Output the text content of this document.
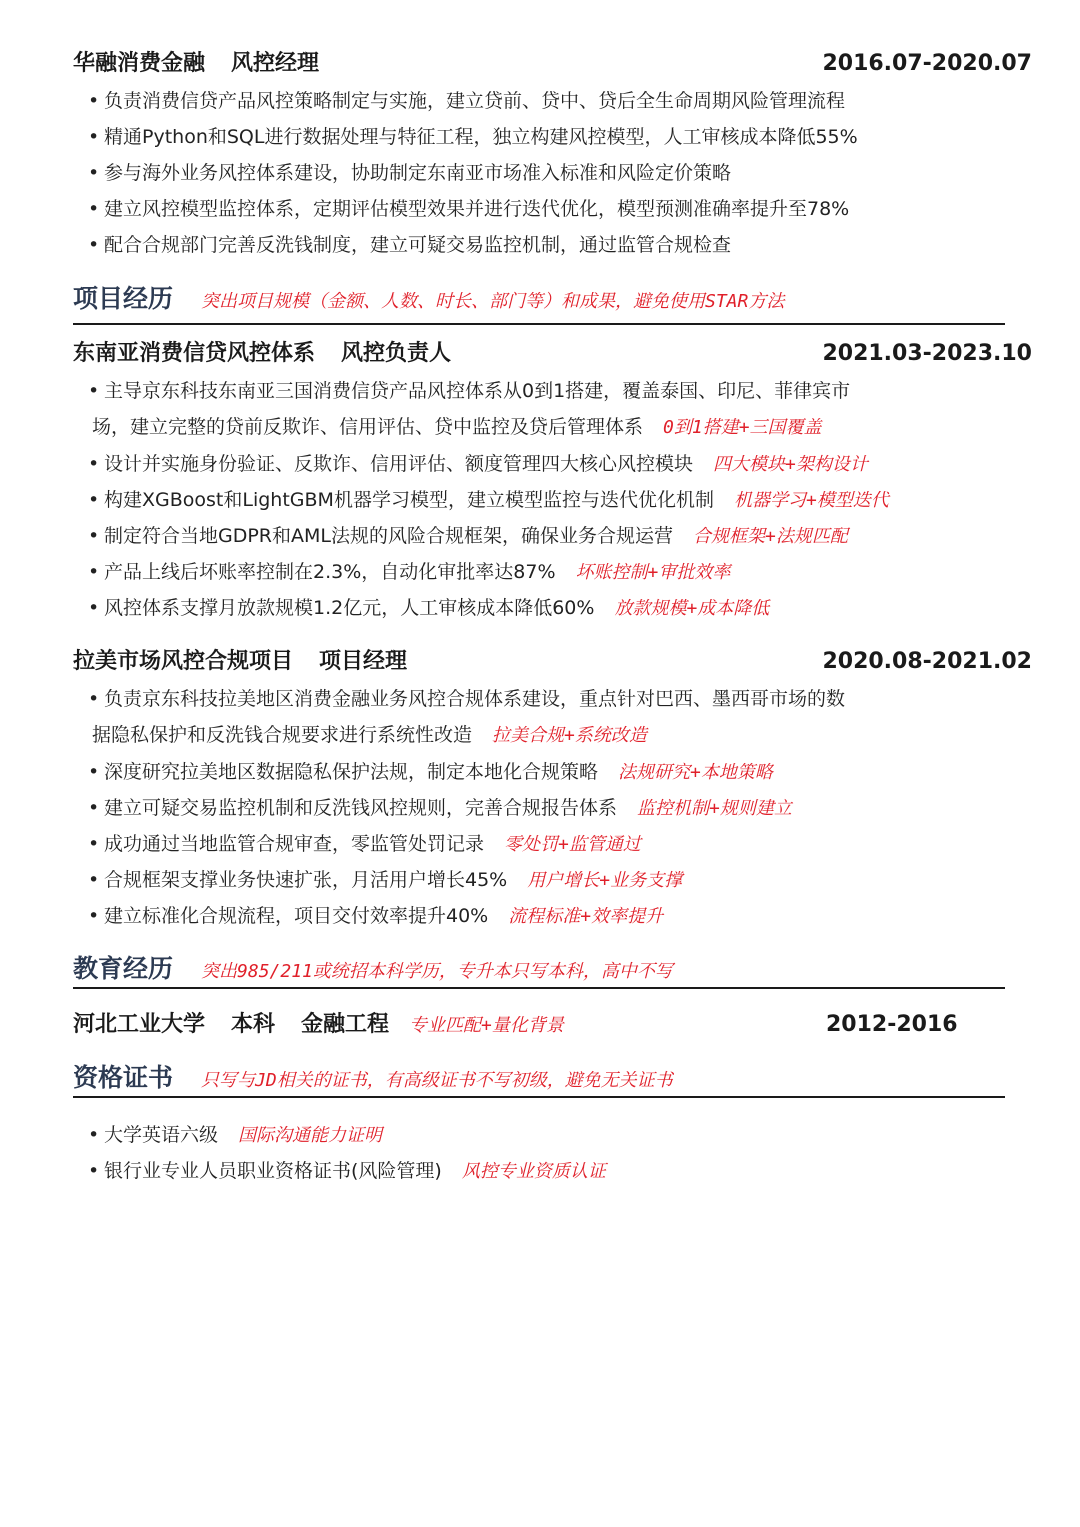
华融消费金融 风控经理	2016.07-2020.07
• 负责消费信贷产品风控策略制定与实施，建立贷前、贷中、贷后全生命周期风险管理流程
• 精通Python和SQL进行数据处理与特征工程，独立构建风控模型，人工审核成本降低55%
• 参与海外业务风控体系建设，协助制定东南亚市场准入标准和风险定价策略
• 建立风控模型监控体系，定期评估模型效果并进行迭代优化，模型预测准确率提升至78%
• 配合合规部门完善反洗钱制度，建立可疑交易监控机制，通过监管合规检查
项目经历 突出项目规模（金额、人数、时长、部门等）和成果，避免使用STAR方法
东南亚消费信贷风控体系 风控负责人	2021.03-2023.10
• 主导京东科技东南亚三国消费信贷产品风控体系从0到1搭建，覆盖泰国、印尼、菲律宾市
场，建立完整的贷前反欺诈、信用评估、贷中监控及贷后管理体系 0到1搭建+三国覆盖
• 设计并实施身份验证、反欺诈、信用评估、额度管理四大核心风控模块 四大模块+架构设计
• 构建XGBoost和LightGBM机器学习模型，建立模型监控与迭代优化机制 机器学习+模型迭代
• 制定符合当地GDPR和AML法规的风险合规框架，确保业务合规运营 合规框架+法规匹配
• 产品上线后坏账率控制在2.3%，自动化审批率达87% 坏账控制+审批效率
• 风控体系支撑月放款规模1.2亿元，人工审核成本降低60% 放款规模+成本降低
拉美市场风控合规项目 项目经理	2020.08-2021.02
• 负责京东科技拉美地区消费金融业务风控合规体系建设，重点针对巴西、墨西哥市场的数
据隐私保护和反洗钱合规要求进行系统性改造 拉美合规+系统改造
• 深度研究拉美地区数据隐私保护法规，制定本地化合规策略 法规研究+本地策略
• 建立可疑交易监控机制和反洗钱风控规则，完善合规报告体系 监控机制+规则建立
• 成功通过当地监管合规审查，零监管处罚记录 零处罚+监管通过
• 合规框架支撑业务快速扩张，月活用户增长45% 用户增长+业务支撑
• 建立标准化合规流程，项目交付效率提升40% 流程标准+效率提升
教育经历 突出985/211或统招本科学历，专升本只写本科，高中不写
河北工业大学 本科 金融工程 专业匹配+量化背景	2012-2016
资格证书 只写与JD相关的证书，有高级证书不写初级，避免无关证书
• 大学英语六级 国际沟通能力证明
• 银行业专业人员职业资格证书(风险管理) 风控专业资质认证
